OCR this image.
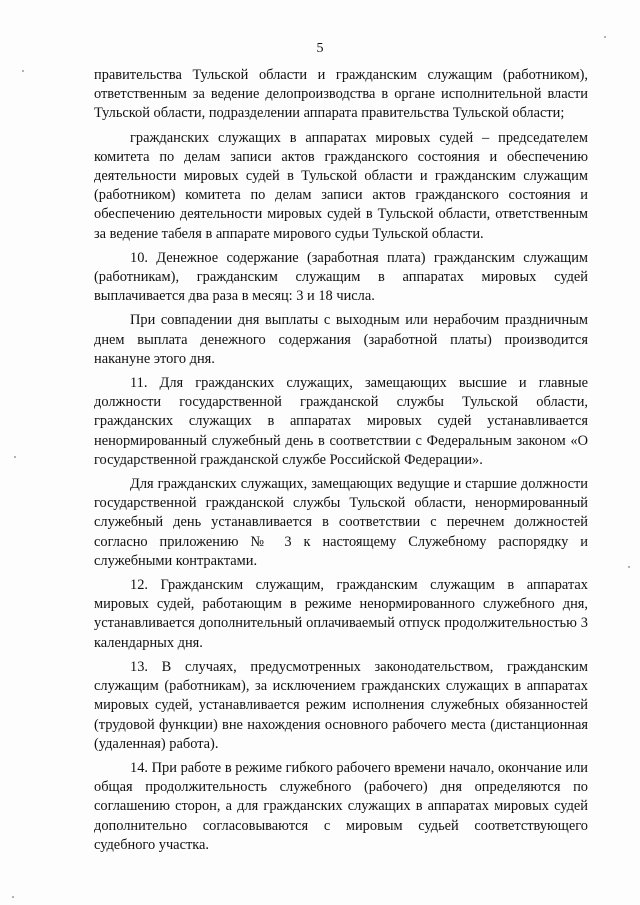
5

правительства Тульской области и гражданским служащим (работником), ответственным за ведение делопроизводства в органе исполнительной власти Тульской области, подразделении аппарата правительства Тульской области;

гражданских служащих в аппаратах мировых судей – председателем комитета по делам записи актов гражданского состояния и обеспечению деятельности мировых судей в Тульской области и гражданским служащим (работником) комитета по делам записи актов гражданского состояния и обеспечению деятельности мировых судей в Тульской области, ответственным за ведение табеля в аппарате мирового судьи Тульской области.

10. Денежное содержание (заработная плата) гражданским служащим (работникам), гражданским служащим в аппаратах мировых судей выплачивается два раза в месяц: 3 и 18 числа.

При совпадении дня выплаты с выходным или нерабочим праздничным днем выплата денежного содержания (заработной платы) производится накануне этого дня.

11. Для гражданских служащих, замещающих высшие и главные должности государственной гражданской службы Тульской области, гражданских служащих в аппаратах мировых судей устанавливается ненормированный служебный день в соответствии с Федеральным законом «О государственной гражданской службе Российской Федерации».

Для гражданских служащих, замещающих ведущие и старшие должности государственной гражданской службы Тульской области, ненормированный служебный день устанавливается в соответствии с перечнем должностей согласно приложению № 3 к настоящему Служебному распорядку и служебными контрактами.

12. Гражданским служащим, гражданским служащим в аппаратах мировых судей, работающим в режиме ненормированного служебного дня, устанавливается дополнительный оплачиваемый отпуск продолжительностью 3 календарных дня.

13. В случаях, предусмотренных законодательством, гражданским служащим (работникам), за исключением гражданских служащих в аппаратах мировых судей, устанавливается режим исполнения служебных обязанностей (трудовой функции) вне нахождения основного рабочего места (дистанционная (удаленная) работа).

14. При работе в режиме гибкого рабочего времени начало, окончание или общая продолжительность служебного (рабочего) дня определяются по соглашению сторон, а для гражданских служащих в аппаратах мировых судей дополнительно согласовываются с мировым судьей соответствующего судебного участка.
